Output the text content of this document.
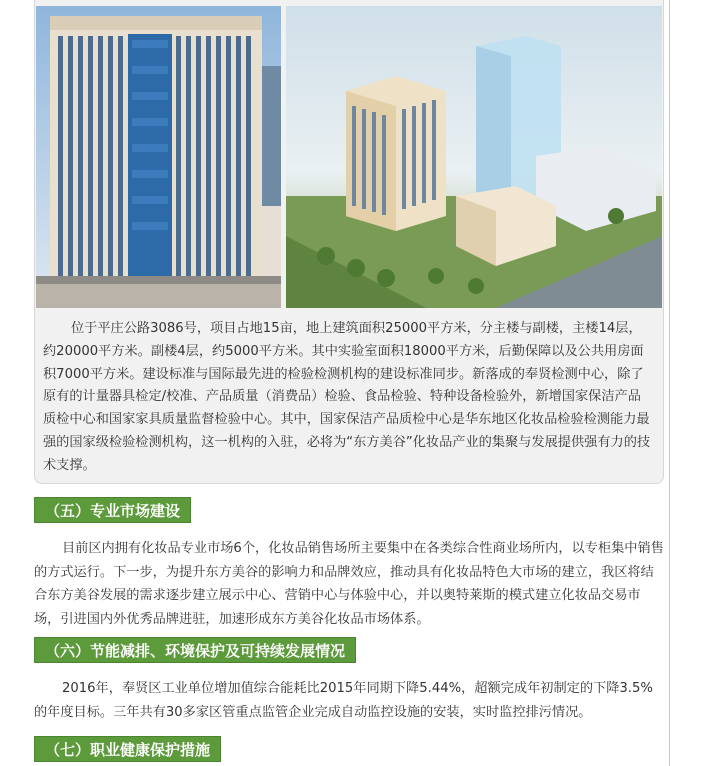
位于平庄公路3086号，项目占地15亩，地上建筑面积25000平方米，分主楼与副楼，主楼14层，约20000平方米。副楼4层，约5000平方米。其中实验室面积18000平方米，后勤保障以及公共用房面积7000平方米。建设标准与国际最先进的检验检测机构的建设标准同步。新落成的奉贤检测中心，除了原有的计量器具检定/校准、产品质量（消费品）检验、食品检验、特种设备检验外，新增国家保洁产品质检中心和国家家具质量监督检验中心。其中，国家保洁产品质检中心是华东地区化妆品检验检测能力最强的国家级检验检测机构，这一机构的入驻，必将为“东方美谷”化妆品产业的集聚与发展提供强有力的技术支撑。

（五）专业市场建设

目前区内拥有化妆品专业市场6个，化妆品销售场所主要集中在各类综合性商业场所内，以专柜集中销售的方式运行。下一步，为提升东方美谷的影响力和品牌效应，推动具有化妆品特色大市场的建立，我区将结合东方美谷发展的需求逐步建立展示中心、营销中心与体验中心，并以奥特莱斯的模式建立化妆品交易市场，引进国内外优秀品牌进驻，加速形成东方美谷化妆品市场体系。

（六）节能减排、环境保护及可持续发展情况

2016年，奉贤区工业单位增加值综合能耗比2015年同期下降5.44%，超额完成年初制定的下降3.5%的年度目标。三年共有30多家区管重点监管企业完成自动监控设施的安装，实时监控排污情况。

（七）职业健康保护措施
